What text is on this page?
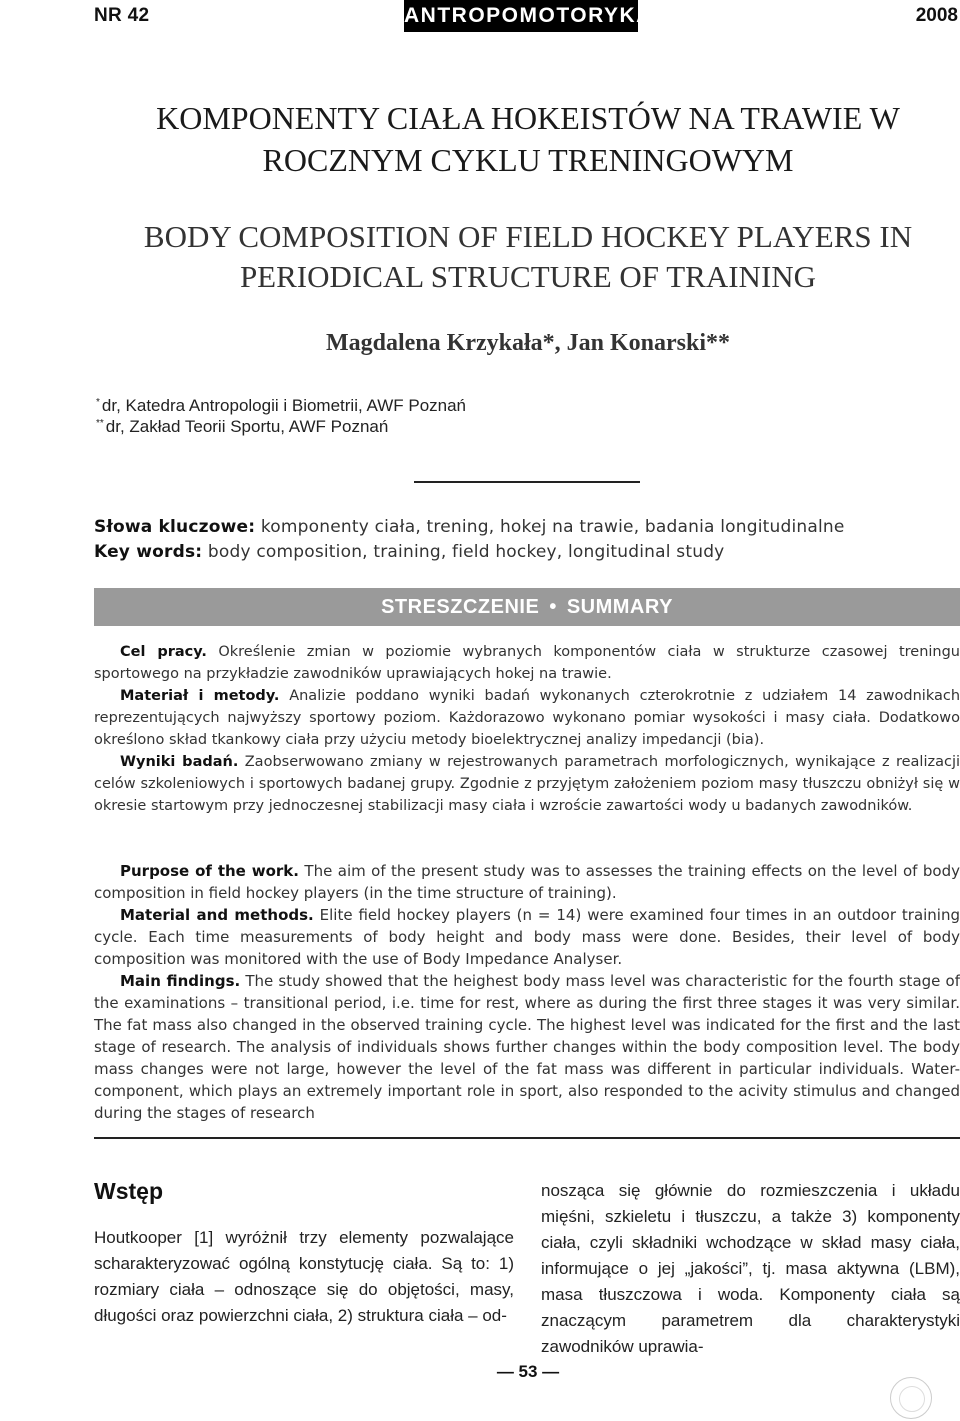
NR 42	ANTROPOMOTORYKA	2008
KOMPONENTY CIAŁA HOKEISTÓW NA TRAWIE W ROCZNYM CYKLU TRENINGOWYM
BODY COMPOSITION OF FIELD HOCKEY PLAYERS IN PERIODICAL STRUCTURE OF TRAINING
Magdalena Krzykała*, Jan Konarski**
* dr, Katedra Antropologii i Biometrii, AWF Poznań
** dr, Zakład Teorii Sportu, AWF Poznań
Słowa kluczowe: komponenty ciała, trening, hokej na trawie, badania longitudinalne
Key words: body composition, training, field hockey, longitudinal study
STRESZCZENIE • SUMMARY
Cel pracy. Określenie zmian w poziomie wybranych komponentów ciała w strukturze czasowej treningu sportowego na przykładzie zawodników uprawiających hokej na trawie.
Materiał i metody. Analizie poddano wyniki badań wykonanych czterokrotnie z udziałem 14 zawodnikach reprezentujących najwyższy sportowy poziom. Każdorazowo wykonano pomiar wysokości i masy ciała. Dodatkowo określono skład tkankowy ciała przy użyciu metody bioelektrycznej analizy impedancji (bia).
Wyniki badań. Zaobserwowano zmiany w rejestrowanych parametrach morfologicznych, wynikające z realizacji celów szkoleniowych i sportowych badanej grupy. Zgodnie z przyjętym założeniem poziom masy tłuszczu obniżył się w okresie startowym przy jednoczesnej stabilizacji masy ciała i wzroście zawartości wody u badanych zawodników.
Purpose of the work. The aim of the present study was to assesses the training effects on the level of body composition in field hockey players (in the time structure of training).
Material and methods. Elite field hockey players (n = 14) were examined four times in an outdoor training cycle. Each time measurements of body height and body mass were done. Besides, their level of body composition was monitored with the use of Body Impedance Analyser.
Main findings. The study showed that the heighest body mass level was characteristic for the fourth stage of the examinations – transitional period, i.e. time for rest, where as during the first three stages it was very similar. The fat mass also changed in the observed training cycle. The highest level was indicated for the first and the last stage of research. The analysis of individuals shows further changes within the body composition level. The body mass changes were not large, however the level of the fat mass was different in particular individuals. Water-component, which plays an extremely important role in sport, also responded to the acivity stimulus and changed during the stages of research
Wstęp
Houtkooper [1] wyróżnił trzy elementy pozwalające scharakteryzować ogólną konstytucję ciała. Są to: 1) rozmiary ciała – odnoszące się do objętości, masy, długości oraz powierzchni ciała, 2) struktura ciała – od-
nosząca się głównie do rozmieszczenia i układu mięśni, szkieletu i tłuszczu, a także 3) komponenty ciała, czyli składniki wchodzące w skład masy ciała, informujące o jej „jakości”, tj. masa aktywna (LBM), masa tłuszczowa i woda. Komponenty ciała są znaczącym parametrem dla charakterystyki zawodników uprawia-
— 53 —
